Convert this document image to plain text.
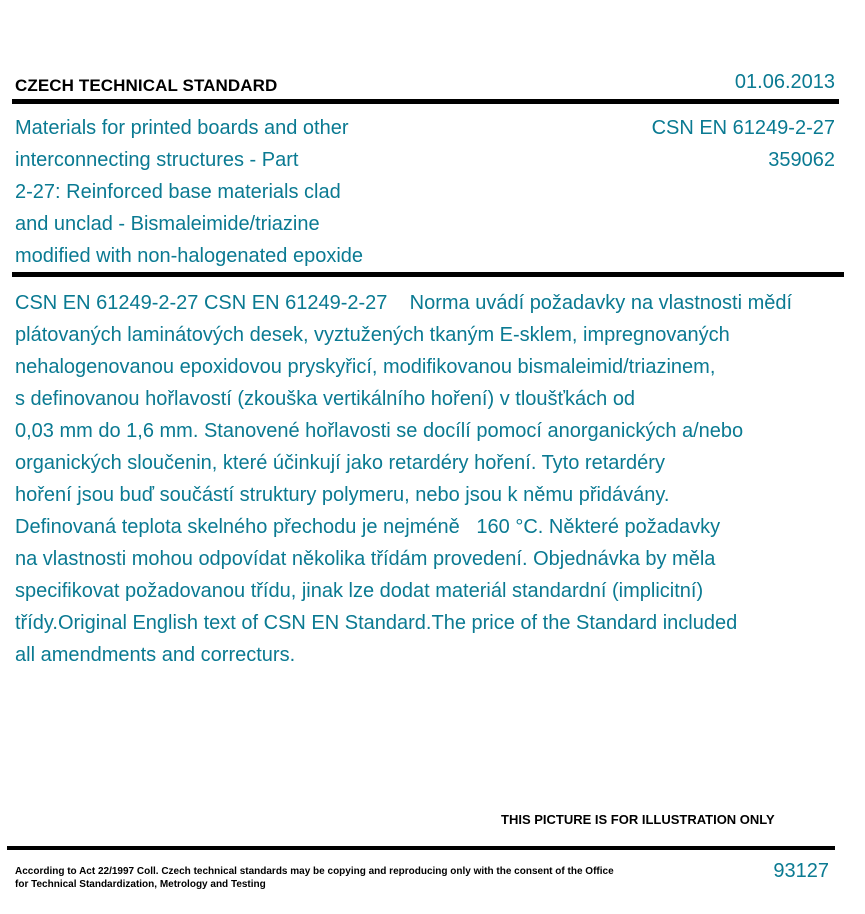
CZECH TECHNICAL STANDARD	01.06.2013
Materials for printed boards and other
interconnecting structures - Part
2-27: Reinforced base materials clad
and unclad - Bismaleimide/triazine
modified with non-halogenated epoxide
CSN EN 61249-2-27
359062
CSN EN 61249-2-27 CSN EN 61249-2-27    Norma uvádí požadavky na vlastnosti mědí
plátovaných laminátových desek, vyztužených tkaným E-sklem, impregnovaných
nehalogenovanou epoxidovou pryskyřicí, modifikovanou bismaleimid/triazinem,
s definovanou hořlavostí (zkouška vertikálního hoření) v tloušťkách od
0,03 mm do 1,6 mm. Stanovené hořlavosti se docílí pomocí anorganických a/nebo
organických sloučenin, které účinkují jako retardéry hoření. Tyto retardéry
hoření jsou buď součástí struktury polymeru, nebo jsou k němu přidávány.
Definovaná teplota skelného přechodu je nejméně   160 °C. Některé požadavky
na vlastnosti mohou odpovídat několika třídám provedení. Objednávka by měla
specifikovat požadovanou třídu, jinak lze dodat materiál standardní (implicitní)
třídy.Original English text of CSN EN Standard.The price of the Standard included
all amendments and correcturs.
THIS PICTURE IS FOR ILLUSTRATION ONLY
According to Act 22/1997 Coll. Czech technical standards may be copying and reproducing only with the consent of the Office
for Technical Standardization, Metrology and Testing
93127
